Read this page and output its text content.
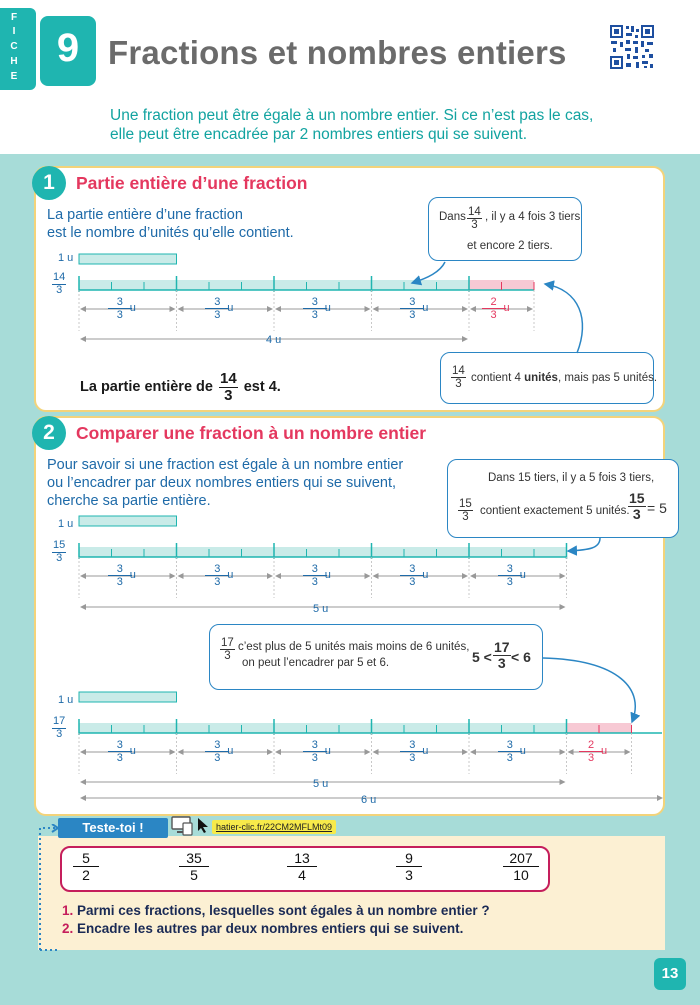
F
I
C
H
E
9 Fractions et nombres entiers
Une fraction peut être égale à un nombre entier. Si ce n’est pas le cas,
elle peut être encadrée par 2 nombres entiers qui se suivent.
1	Partie entière d’une fraction
La partie entière d’une fraction
est le nombre d’unités qu’elle contient.
Dans $\frac{14}{3}$ , il y a 4 fois 3 tiers
et encore 2 tiers.
$\frac{14}{3}$ contient 4 unités, mais pas 5 unités.
La partie entière de $\frac{14}{3}$ est 4.
2	Comparer une fraction à un nombre entier
Pour savoir si une fraction est égale à un nombre entier
ou l’encadrer par deux nombres entiers qui se suivent,
cherche sa partie entière.
Dans 15 tiers, il y a 5 fois 3 tiers,
$\frac{15}{3}$ contient exactement 5 unités.
$\frac{15}{3} = 5$
$\frac{17}{3}$ c’est plus de 5 unités mais moins de 6 unités,
on peut l’encadrer par 5 et 6.	$5 < \frac{17}{3} < 6$
1 u
$\frac{14}{3}$
1 u
$\frac{15}{3}$
1 u
$\frac{17}{3}$
$\frac{3}{3}$
u	$\frac{3}{3}$
u	$\frac{3}{3}$
u	$\frac{3}{3}$
u	$\frac{2}{3}$
u
$\frac{3}{3}$
u	$\frac{3}{3}$
u	$\frac{3}{3}$
u	$\frac{3}{3}$
u	$\frac{3}{3}$
u
$\frac{3}{3}$
u	$\frac{3}{3}$
u	$\frac{3}{3}$
u	$\frac{3}{3}$
u	$\frac{3}{3}$
u	$\frac{2}{3}$
u
4 u
5 u
5 u
6 u
Teste-toi !	hatier-clic.fr/22CM2MFLMt09
$\frac{5}{2}$	$\frac{35}{5}$	$\frac{13}{4}$	$\frac{9}{3}$	$\frac{207}{10}$
1. Parmi ces fractions, lesquelles sont égales à un nombre entier ?
2. Encadre les autres par deux nombres entiers qui se suivent.
13
